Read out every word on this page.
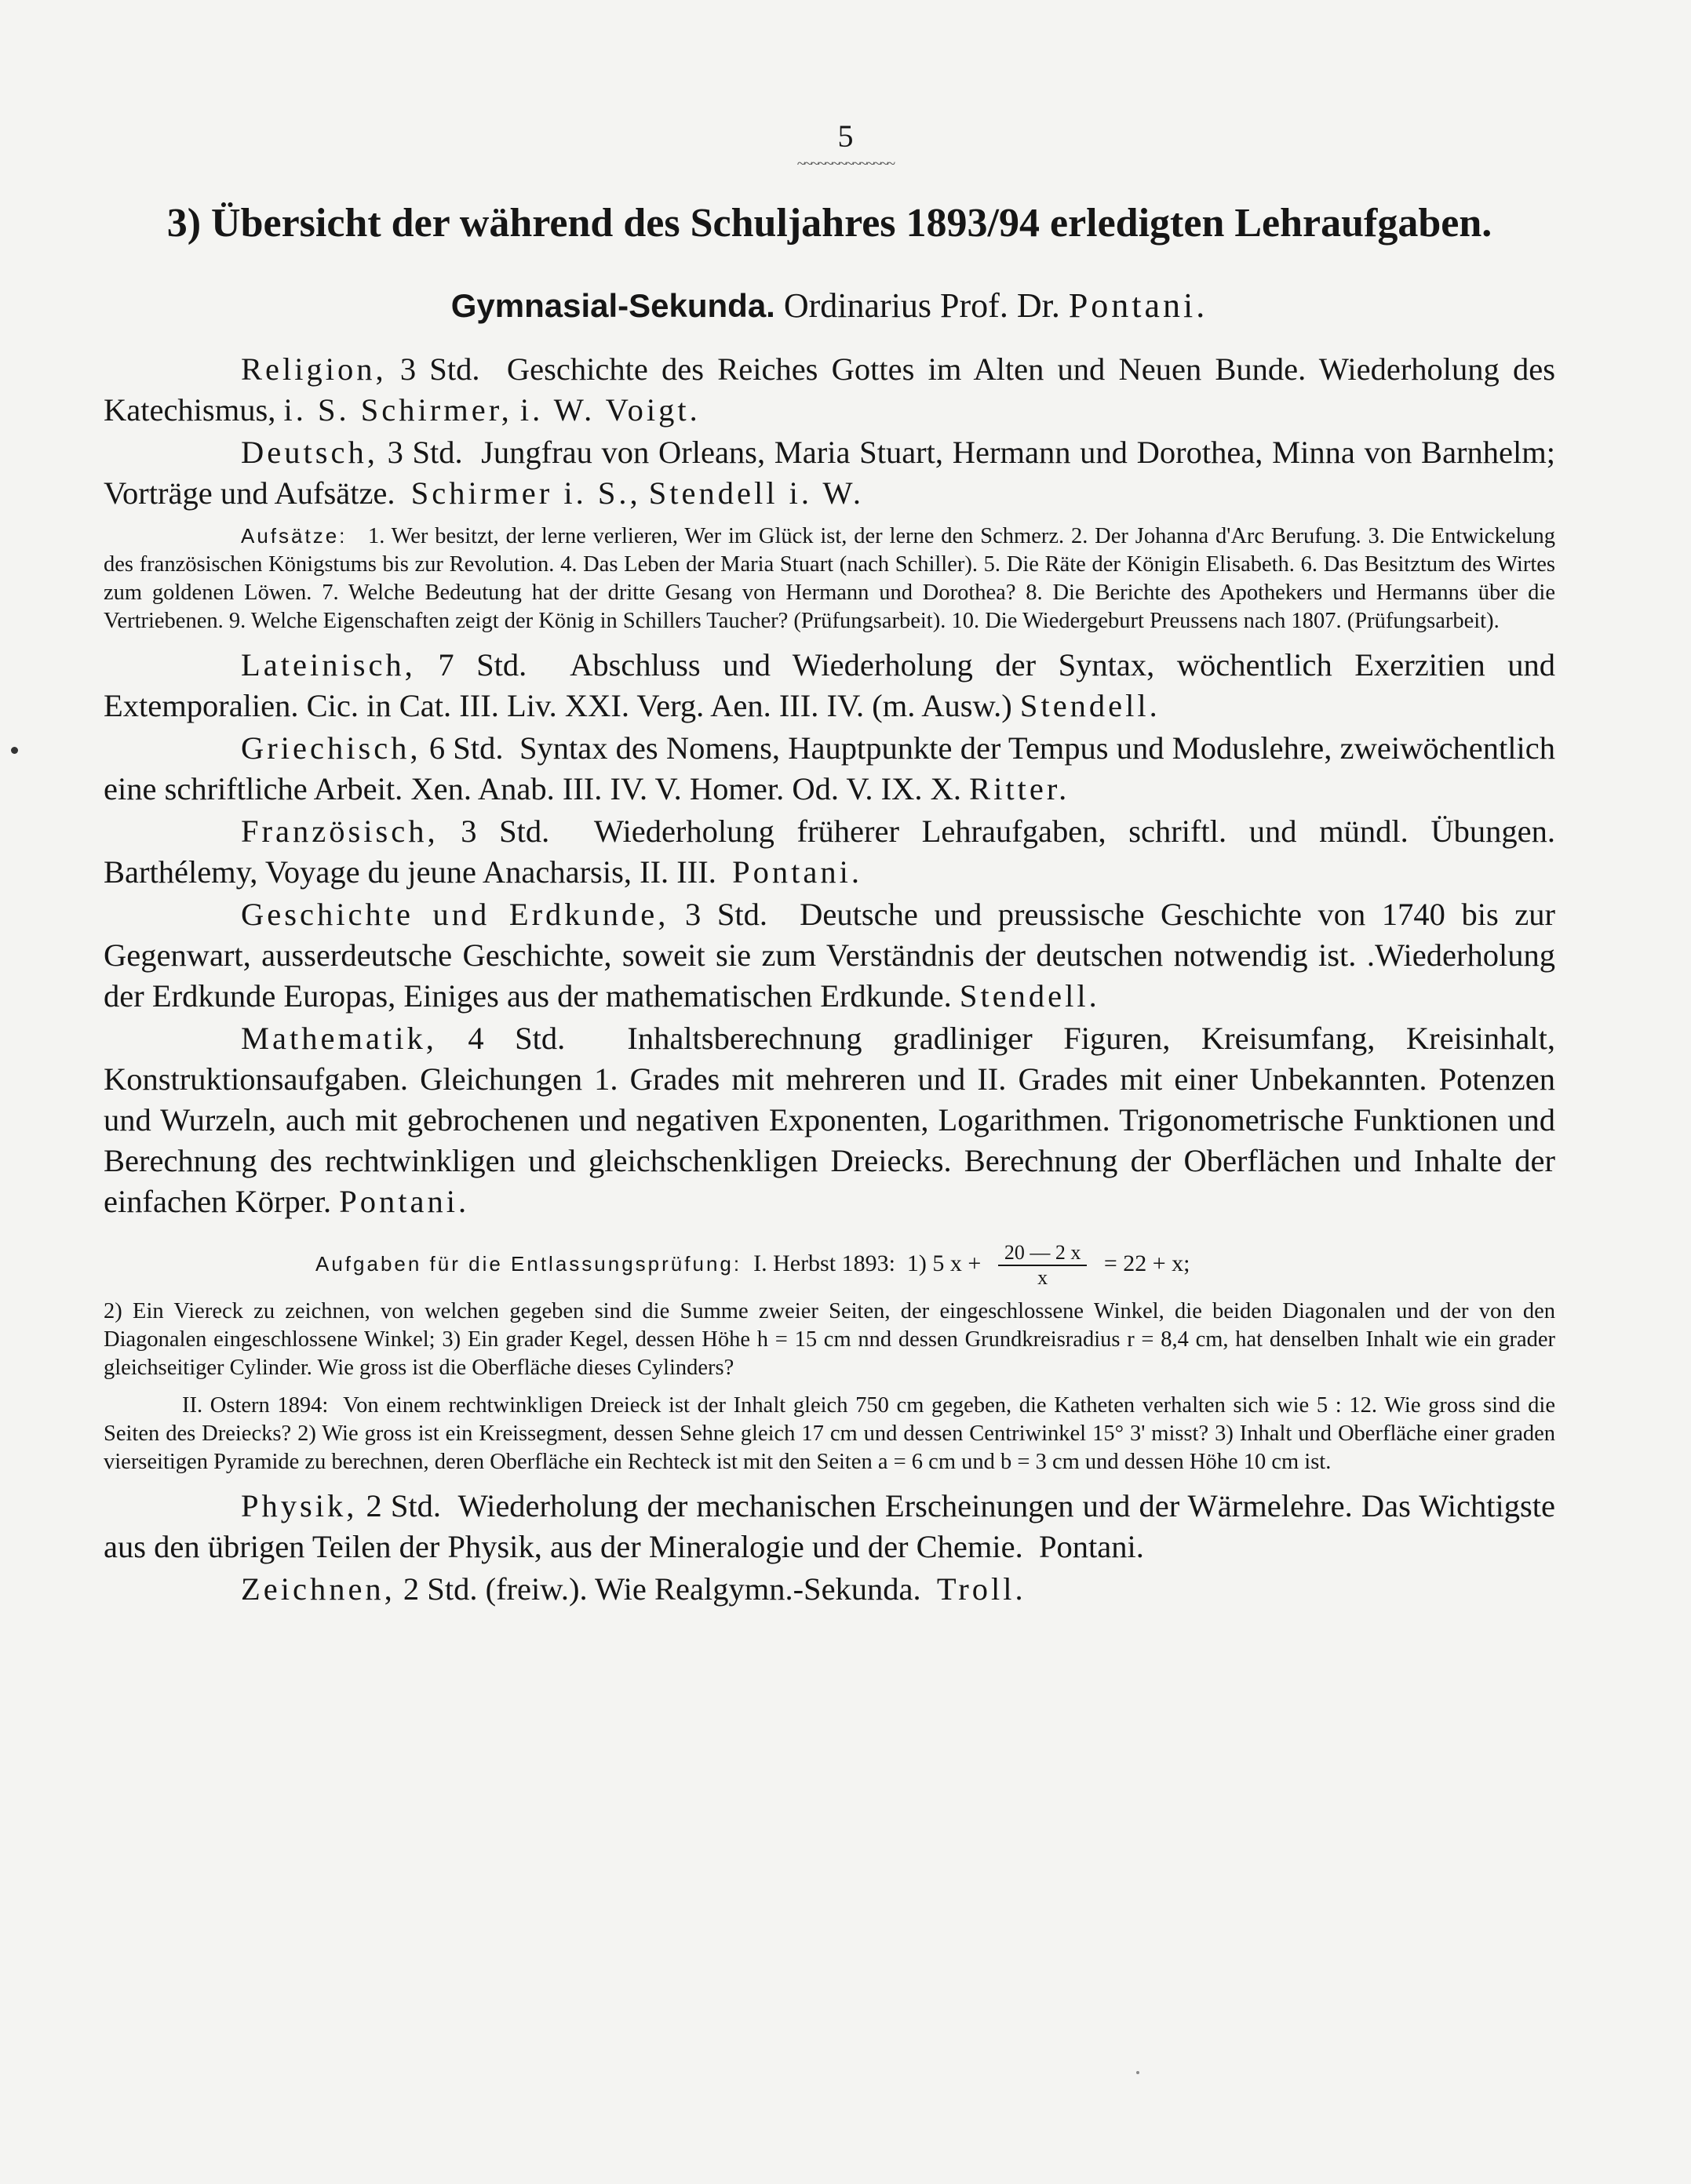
5
~~~~~~~~~~~~~~
3) Übersicht der während des Schuljahres 1893/94 erledigten Lehraufgaben.
Gymnasial-Sekunda. Ordinarius Prof. Dr. Pontani.

Religion, 3 Std. Geschichte des Reiches Gottes im Alten und Neuen Bunde. Wiederholung des Katechismus, i. S. Schirmer, i. W. Voigt.

Deutsch, 3 Std. Jungfrau von Orleans, Maria Stuart, Hermann und Dorothea, Minna von Barnhelm; Vorträge und Aufsätze. Schirmer i. S., Stendell i. W.

Aufsätze: 1. Wer besitzt, der lerne verlieren, Wer im Glück ist, der lerne den Schmerz. 2. Der Johanna d'Arc Berufung. 3. Die Entwickelung des französischen Königstums bis zur Revolution. 4. Das Leben der Maria Stuart (nach Schiller). 5. Die Räte der Königin Elisabeth. 6. Das Besitztum des Wirtes zum goldenen Löwen. 7. Welche Bedeutung hat der dritte Gesang von Hermann und Dorothea? 8. Die Berichte des Apothekers und Hermanns über die Vertriebenen. 9. Welche Eigenschaften zeigt der König in Schillers Taucher? (Prüfungsarbeit). 10. Die Wiedergeburt Preussens nach 1807. (Prüfungsarbeit).

Lateinisch, 7 Std. Abschluss und Wiederholung der Syntax, wöchentlich Exerzitien und Extemporalien. Cic. in Cat. III. Liv. XXI. Verg. Aen. III. IV. (m. Ausw.) Stendell.

Griechisch, 6 Std. Syntax des Nomens, Hauptpunkte der Tempus und Moduslehre, zweiwöchentlich eine schriftliche Arbeit. Xen. Anab. III. IV. V. Homer. Od. V. IX. X. Ritter.

Französisch, 3 Std. Wiederholung früherer Lehraufgaben, schriftl. und mündl. Übungen. Barthélemy, Voyage du jeune Anacharsis, II. III. Pontani.

Geschichte und Erdkunde, 3 Std. Deutsche und preussische Geschichte von 1740 bis zur Gegenwart, ausserdeutsche Geschichte, soweit sie zum Verständnis der deutschen notwendig ist. .Wiederholung der Erdkunde Europas, Einiges aus der mathematischen Erdkunde. Stendell.

Mathematik, 4 Std. Inhaltsberechnung gradliniger Figuren, Kreisumfang, Kreisinhalt, Konstruktionsaufgaben. Gleichungen 1. Grades mit mehreren und II. Grades mit einer Unbekannten. Potenzen und Wurzeln, auch mit gebrochenen und negativen Exponenten, Logarithmen. Trigonometrische Funktionen und Berechnung des rechtwinkligen und gleichschenkligen Dreiecks. Berechnung der Oberflächen und Inhalte der einfachen Körper. Pontani.

Aufgaben für die Entlassungsprüfung: I. Herbst 1893: 1) 5 $x + \frac{20 — 2 x}{x} = 22 + x$;

2) Ein Viereck zu zeichnen, von welchen gegeben sind die Summe zweier Seiten, der eingeschlossene Winkel, die beiden Diagonalen und der von den Diagonalen eingeschlossene Winkel; 3) Ein grader Kegel, dessen Höhe h = 15 cm nnd dessen Grundkreisradius r = 8,4 cm, hat denselben Inhalt wie ein grader gleichseitiger Cylinder. Wie gross ist die Oberfläche dieses Cylinders?

II. Ostern 1894: Von einem rechtwinkligen Dreieck ist der Inhalt gleich 750 cm gegeben, die Katheten verhalten sich wie 5 : 12. Wie gross sind die Seiten des Dreiecks? 2) Wie gross ist ein Kreissegment, dessen Sehne gleich 17 cm und dessen Centriwinkel 15° 3' misst? 3) Inhalt und Oberfläche einer graden vierseitigen Pyramide zu berechnen, deren Oberfläche ein Rechteck ist mit den Seiten a = 6 cm und b = 3 cm und dessen Höhe 10 cm ist.

Physik, 2 Std. Wiederholung der mechanischen Erscheinungen und der Wärmelehre. Das Wichtigste aus den übrigen Teilen der Physik, aus der Mineralogie und der Chemie. Pontani.

Zeichnen, 2 Std. (freiw.). Wie Realgymn.-Sekunda. Troll.
